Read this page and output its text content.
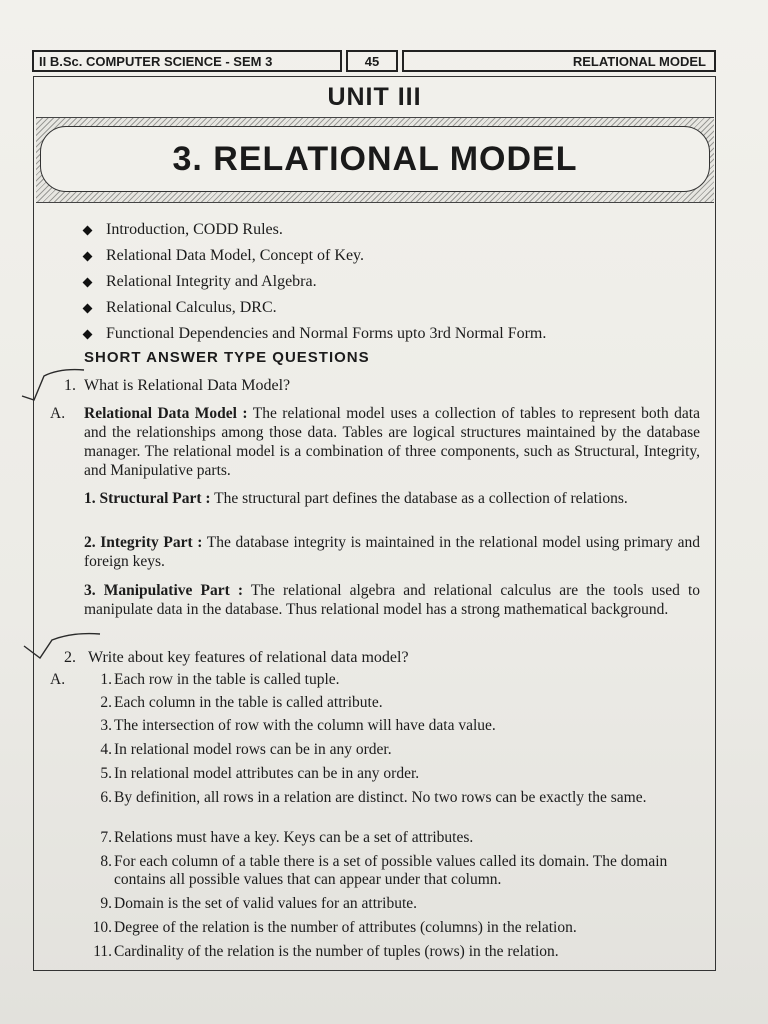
II B.Sc. COMPUTER SCIENCE - SEM 3	45	RELATIONAL MODEL
UNIT III
3. RELATIONAL MODEL
Introduction, CODD Rules.
Relational Data Model, Concept of Key.
Relational Integrity and Algebra.
Relational Calculus, DRC.
Functional Dependencies and Normal Forms upto 3rd Normal Form.
SHORT ANSWER TYPE QUESTIONS
1. What is Relational Data Model?
A. Relational Data Model : The relational model uses a collection of tables to represent both data and the relationships among those data. Tables are logical structures maintained by the database manager. The relational model is a combination of three components, such as Structural, Integrity, and Manipulative parts.
1. Structural Part : The structural part defines the database as a collection of relations.
2. Integrity Part : The database integrity is maintained in the relational model using primary and foreign keys.
3. Manipulative Part : The relational algebra and relational calculus are the tools used to manipulate data in the database. Thus relational model has a strong mathematical background.
2. Write about key features of relational data model?
A.	1. Each row in the table is called tuple.
2. Each column in the table is called attribute.
3. The intersection of row with the column will have data value.
4. In relational model rows can be in any order.
5. In relational model attributes can be in any order.
6. By definition, all rows in a relation are distinct. No two rows can be exactly the same.
7. Relations must have a key. Keys can be a set of attributes.
8. For each column of a table there is a set of possible values called its domain. The domain contains all possible values that can appear under that column.
9. Domain is the set of valid values for an attribute.
10. Degree of the relation is the number of attributes (columns) in the relation.
11. Cardinality of the relation is the number of tuples (rows) in the relation.
